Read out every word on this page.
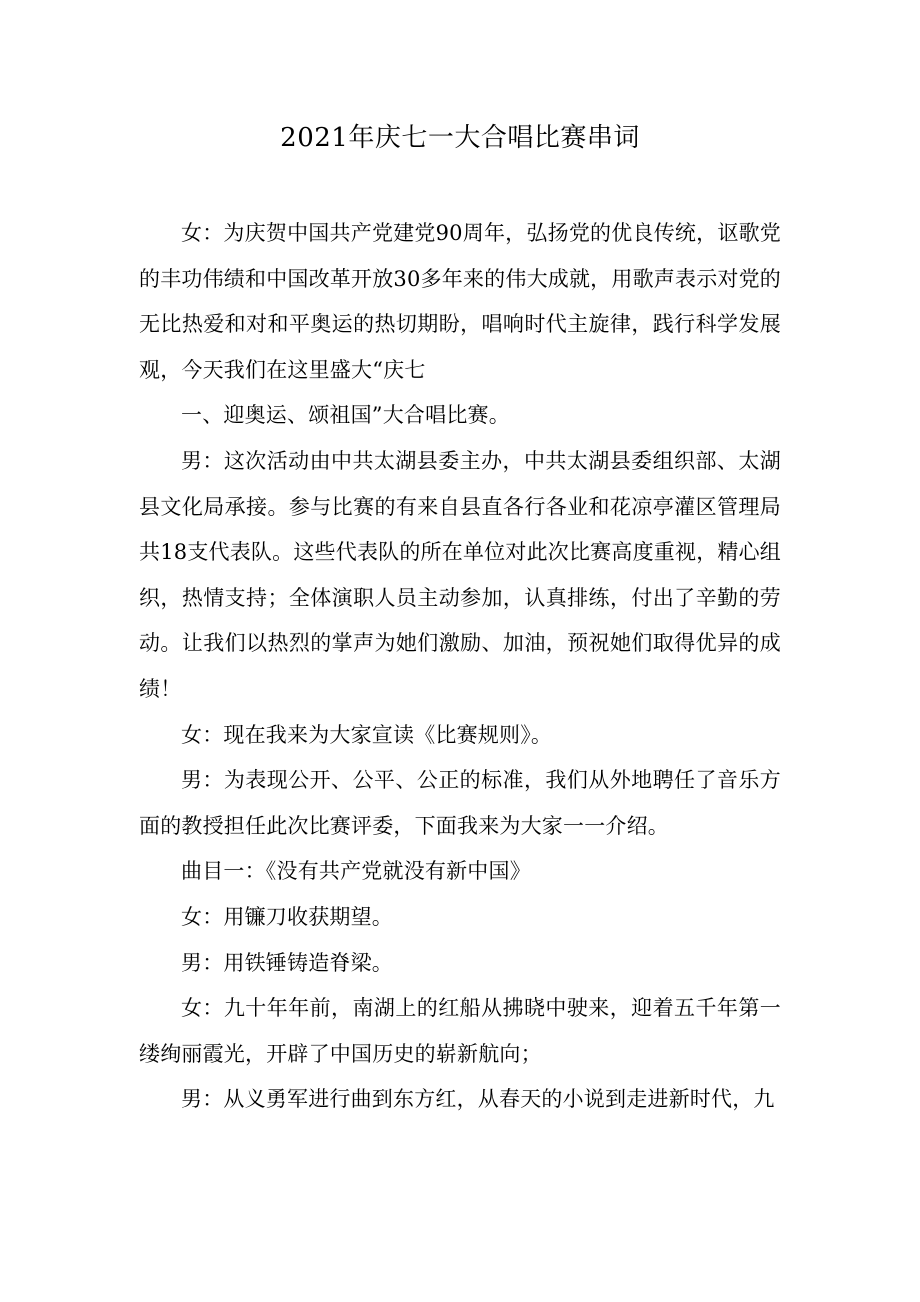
2021年庆七一大合唱比赛串词

女：为庆贺中国共产党建党90周年，弘扬党的优良传统，讴歌党的丰功伟绩和中国改革开放30多年来的伟大成就，用歌声表示对党的无比热爱和对和平奥运的热切期盼，唱响时代主旋律，践行科学发展观，今天我们在这里盛大“庆七

一、迎奥运、颂祖国”大合唱比赛。

男：这次活动由中共太湖县委主办，中共太湖县委组织部、太湖县文化局承接。参与比赛的有来自县直各行各业和花凉亭灌区管理局共18支代表队。这些代表队的所在单位对此次比赛高度重视，精心组织，热情支持；全体演职人员主动参加，认真排练，付出了辛勤的劳动。让我们以热烈的掌声为她们激励、加油，预祝她们取得优异的成绩！

女：现在我来为大家宣读《比赛规则》。

男：为表现公开、公平、公正的标准，我们从外地聘任了音乐方面的教授担任此次比赛评委，下面我来为大家一一介绍。

曲目一：《没有共产党就没有新中国》

女：用镰刀收获期望。

男：用铁锤铸造脊梁。

女：九十年年前，南湖上的红船从拂晓中驶来，迎着五千年第一缕绚丽霞光，开辟了中国历史的崭新航向；

男：从义勇军进行曲到东方红，从春天的小说到走进新时代，九
